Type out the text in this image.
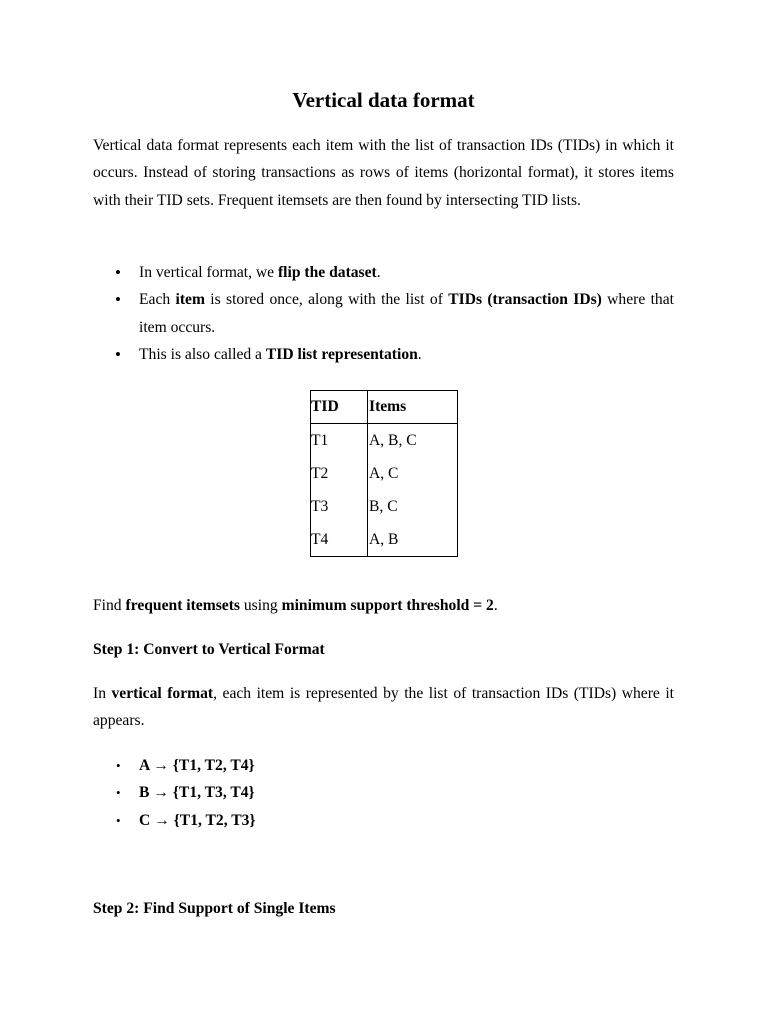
Vertical data format

Vertical data format represents each item with the list of transaction IDs (TIDs) in which it occurs. Instead of storing transactions as rows of items (horizontal format), it stores items with their TID sets. Frequent itemsets are then found by intersecting TID lists.

• In vertical format, we flip the dataset.
• Each item is stored once, along with the list of TIDs (transaction IDs) where that item occurs.
• This is also called a TID list representation.
TID	Items
T1	A, B, C
T2	A, C
T3	B, C
T4	A, B

Find frequent itemsets using minimum support threshold = 2.

Step 1: Convert to Vertical Format

In vertical format, each item is represented by the list of transaction IDs (TIDs) where it appears.

• A → {T1, T2, T4}
• B → {T1, T3, T4}
• C → {T1, T2, T3}
Step 2: Find Support of Single Items
